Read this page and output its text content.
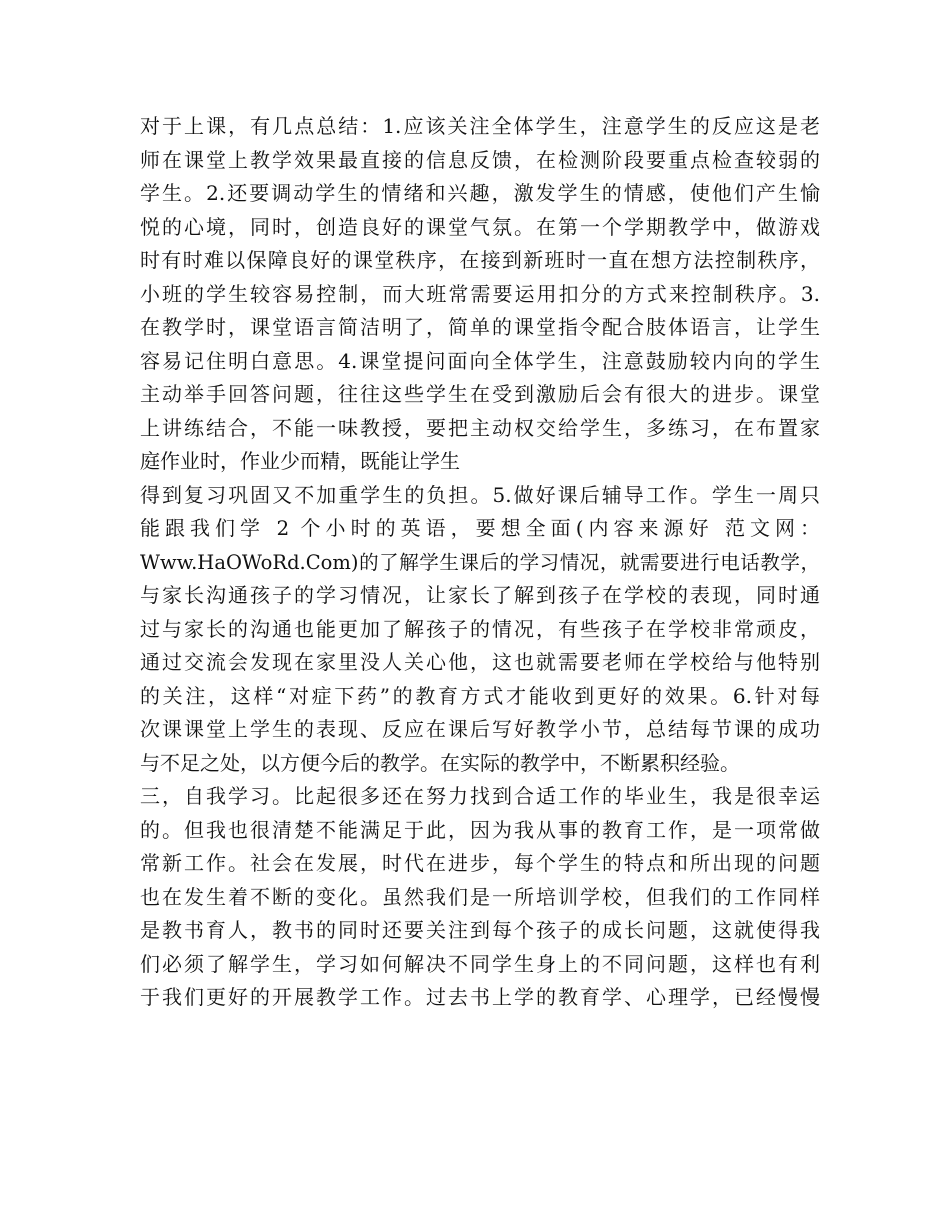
对于上课，有几点总结：1.应该关注全体学生，注意学生的反应这是老
师在课堂上教学效果最直接的信息反馈，在检测阶段要重点检查较弱的
学生。2.还要调动学生的情绪和兴趣，激发学生的情感，使他们产生愉
悦的心境，同时，创造良好的课堂气氛。在第一个学期教学中，做游戏
时有时难以保障良好的课堂秩序，在接到新班时一直在想方法控制秩序，
小班的学生较容易控制，而大班常需要运用扣分的方式来控制秩序。3.
在教学时，课堂语言简洁明了，简单的课堂指令配合肢体语言，让学生
容易记住明白意思。4.课堂提问面向全体学生，注意鼓励较内向的学生
主动举手回答问题，往往这些学生在受到激励后会有很大的进步。课堂
上讲练结合，不能一味教授，要把主动权交给学生，多练习，在布置家
庭作业时，作业少而精，既能让学生
得到复习巩固又不加重学生的负担。5.做好课后辅导工作。学生一周只
能跟我们学 2 个小时的英语，要想全面(内容来源好 范文网：
Www.HaOWoRd.Com)的了解学生课后的学习情况，就需要进行电话教学，
与家长沟通孩子的学习情况，让家长了解到孩子在学校的表现，同时通
过与家长的沟通也能更加了解孩子的情况，有些孩子在学校非常顽皮，
通过交流会发现在家里没人关心他，这也就需要老师在学校给与他特别
的关注，这样“对症下药”的教育方式才能收到更好的效果。6.针对每
次课课堂上学生的表现、反应在课后写好教学小节，总结每节课的成功
与不足之处，以方便今后的教学。在实际的教学中，不断累积经验。
三，自我学习。比起很多还在努力找到合适工作的毕业生，我是很幸运
的。但我也很清楚不能满足于此，因为我从事的教育工作，是一项常做
常新工作。社会在发展，时代在进步，每个学生的特点和所出现的问题
也在发生着不断的变化。虽然我们是一所培训学校，但我们的工作同样
是教书育人，教书的同时还要关注到每个孩子的成长问题，这就使得我
们必须了解学生，学习如何解决不同学生身上的不同问题，这样也有利
于我们更好的开展教学工作。过去书上学的教育学、心理学，已经慢慢
